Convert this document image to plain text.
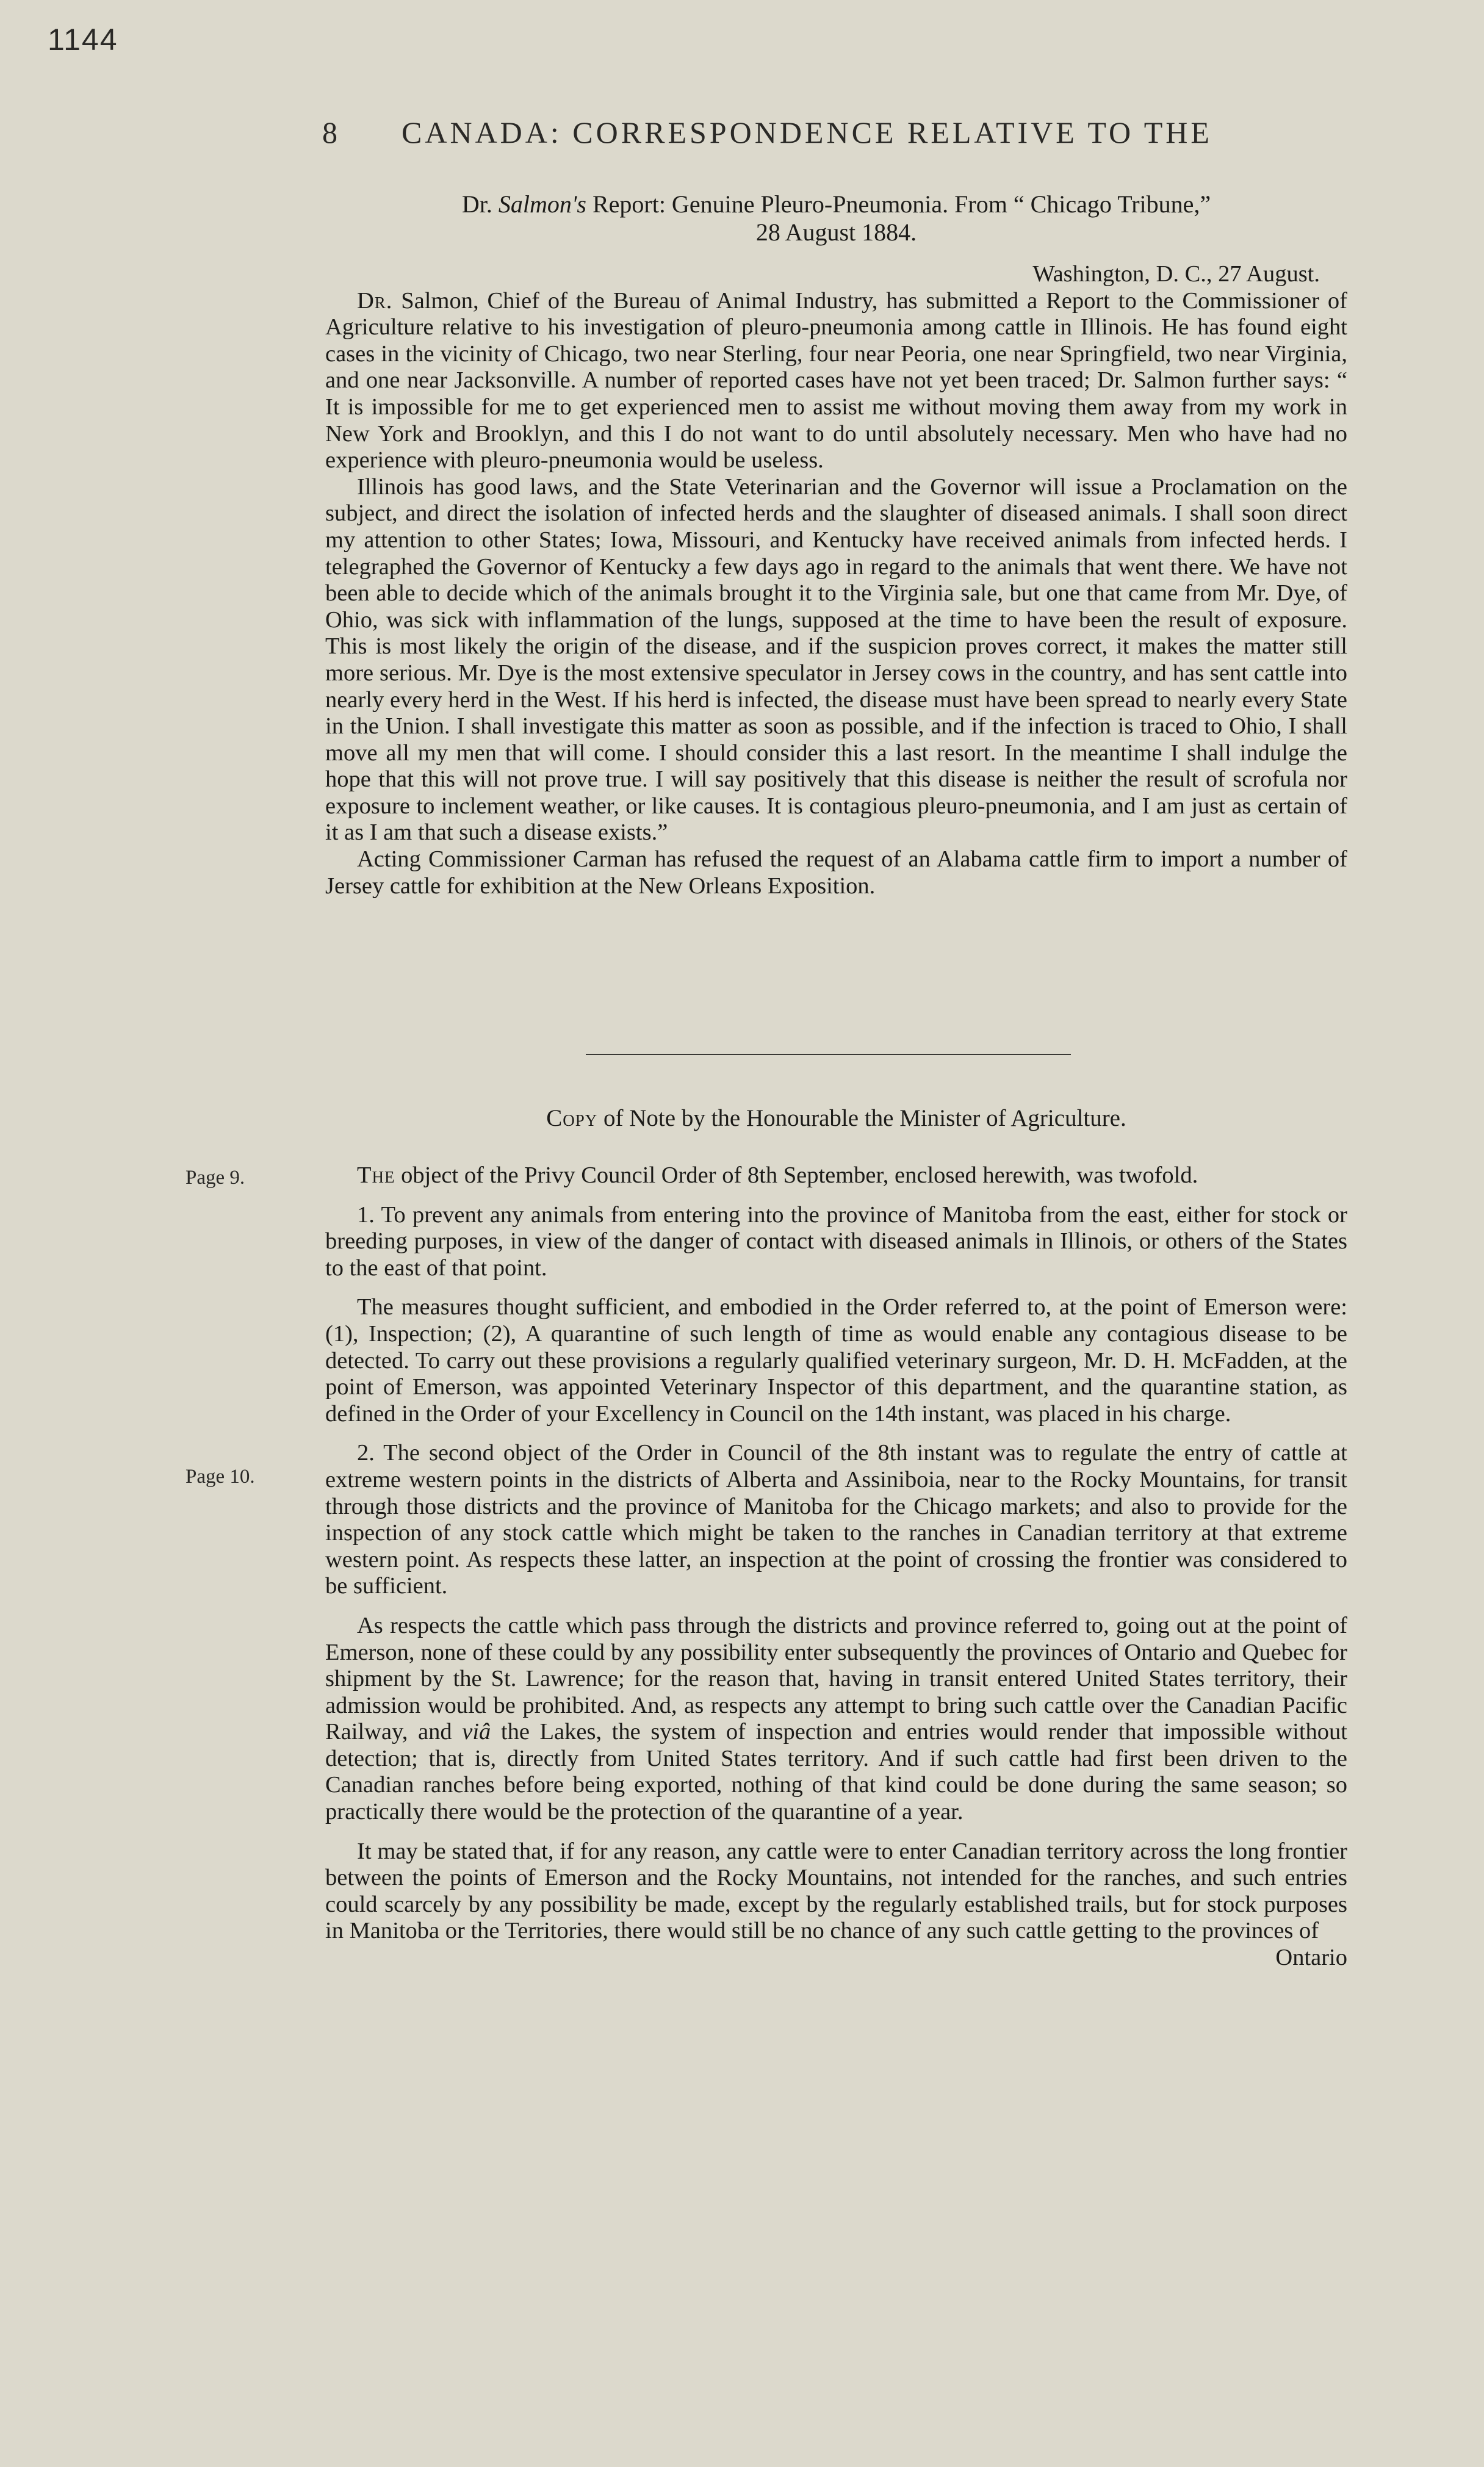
1144
8	CANADA: CORRESPONDENCE RELATIVE TO THE
Dr. Salmon's Report: Genuine Pleuro-Pneumonia. From “ Chicago Tribune,”
28 August 1884.
Washington, D. C., 27 August.

Dr. Salmon, Chief of the Bureau of Animal Industry, has submitted a Report to the Commissioner of Agriculture relative to his investigation of pleuro-pneumonia among cattle in Illinois. He has found eight cases in the vicinity of Chicago, two near Sterling, four near Peoria, one near Springfield, two near Virginia, and one near Jacksonville. A number of reported cases have not yet been traced; Dr. Salmon further says: “ It is impossible for me to get experienced men to assist me without moving them away from my work in New York and Brooklyn, and this I do not want to do until absolutely necessary. Men who have had no experience with pleuro-pneumonia would be useless.

Illinois has good laws, and the State Veterinarian and the Governor will issue a Proclamation on the subject, and direct the isolation of infected herds and the slaughter of diseased animals. I shall soon direct my attention to other States; Iowa, Missouri, and Kentucky have received animals from infected herds. I telegraphed the Governor of Kentucky a few days ago in regard to the animals that went there. We have not been able to decide which of the animals brought it to the Virginia sale, but one that came from Mr. Dye, of Ohio, was sick with inflammation of the lungs, supposed at the time to have been the result of exposure. This is most likely the origin of the disease, and if the suspicion proves correct, it makes the matter still more serious. Mr. Dye is the most extensive speculator in Jersey cows in the country, and has sent cattle into nearly every herd in the West. If his herd is infected, the disease must have been spread to nearly every State in the Union. I shall investigate this matter as soon as possible, and if the infection is traced to Ohio, I shall move all my men that will come. I should consider this a last resort. In the meantime I shall indulge the hope that this will not prove true. I will say positively that this disease is neither the result of scrofula nor exposure to inclement weather, or like causes. It is contagious pleuro-pneumonia, and I am just as certain of it as I am that such a disease exists.”

Acting Commissioner Carman has refused the request of an Alabama cattle firm to import a number of Jersey cattle for exhibition at the New Orleans Exposition.

Copy of Note by the Honourable the Minister of Agriculture.
Page 9.
Page 10.

The object of the Privy Council Order of 8th September, enclosed herewith, was twofold.

1. To prevent any animals from entering into the province of Manitoba from the east, either for stock or breeding purposes, in view of the danger of contact with diseased animals in Illinois, or others of the States to the east of that point.

The measures thought sufficient, and embodied in the Order referred to, at the point of Emerson were: (1), Inspection; (2), A quarantine of such length of time as would enable any contagious disease to be detected. To carry out these provisions a regularly qualified veterinary surgeon, Mr. D. H. McFadden, at the point of Emerson, was appointed Veterinary Inspector of this department, and the quarantine station, as defined in the Order of your Excellency in Council on the 14th instant, was placed in his charge.

2. The second object of the Order in Council of the 8th instant was to regulate the entry of cattle at extreme western points in the districts of Alberta and Assiniboia, near to the Rocky Mountains, for transit through those districts and the province of Manitoba for the Chicago markets; and also to provide for the inspection of any stock cattle which might be taken to the ranches in Canadian territory at that extreme western point. As respects these latter, an inspection at the point of crossing the frontier was considered to be sufficient.

As respects the cattle which pass through the districts and province referred to, going out at the point of Emerson, none of these could by any possibility enter subsequently the provinces of Ontario and Quebec for shipment by the St. Lawrence; for the reason that, having in transit entered United States territory, their admission would be prohibited. And, as respects any attempt to bring such cattle over the Canadian Pacific Railway, and viâ the Lakes, the system of inspection and entries would render that impossible without detection; that is, directly from United States territory. And if such cattle had first been driven to the Canadian ranches before being exported, nothing of that kind could be done during the same season; so practically there would be the protection of the quarantine of a year.

It may be stated that, if for any reason, any cattle were to enter Canadian territory across the long frontier between the points of Emerson and the Rocky Mountains, not intended for the ranches, and such entries could scarcely by any possibility be made, except by the regularly established trails, but for stock purposes in Manitoba or the Territories, there would still be no chance of any such cattle getting to the provinces of
Ontario
